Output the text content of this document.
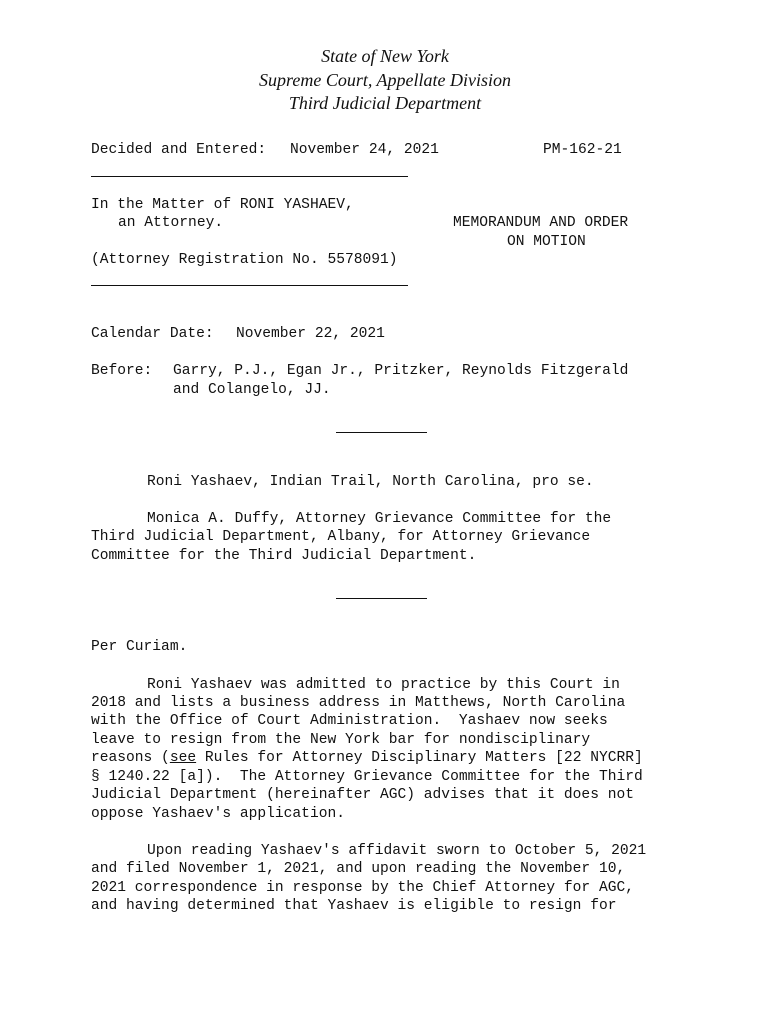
State of New York
Supreme Court, Appellate Division
Third Judicial Department
Decided and Entered: November 24, 2021	PM-162-21
In the Matter of RONI YASHAEV,
an Attorney.	MEMORANDUM AND ORDER
ON MOTION
(Attorney Registration No. 5578091)
Calendar Date: November 22, 2021
Before: Garry, P.J., Egan Jr., Pritzker, Reynolds Fitzgerald
and Colangelo, JJ.
Roni Yashaev, Indian Trail, North Carolina, pro se.
Monica A. Duffy, Attorney Grievance Committee for the
Third Judicial Department, Albany, for Attorney Grievance
Committee for the Third Judicial Department.
Per Curiam.
Roni Yashaev was admitted to practice by this Court in
2018 and lists a business address in Matthews, North Carolina
with the Office of Court Administration.  Yashaev now seeks
leave to resign from the New York bar for nondisciplinary
reasons (see Rules for Attorney Disciplinary Matters [22 NYCRR]
§ 1240.22 [a]).  The Attorney Grievance Committee for the Third
Judicial Department (hereinafter AGC) advises that it does not
oppose Yashaev's application.
Upon reading Yashaev's affidavit sworn to October 5, 2021
and filed November 1, 2021, and upon reading the November 10,
2021 correspondence in response by the Chief Attorney for AGC,
and having determined that Yashaev is eligible to resign for
